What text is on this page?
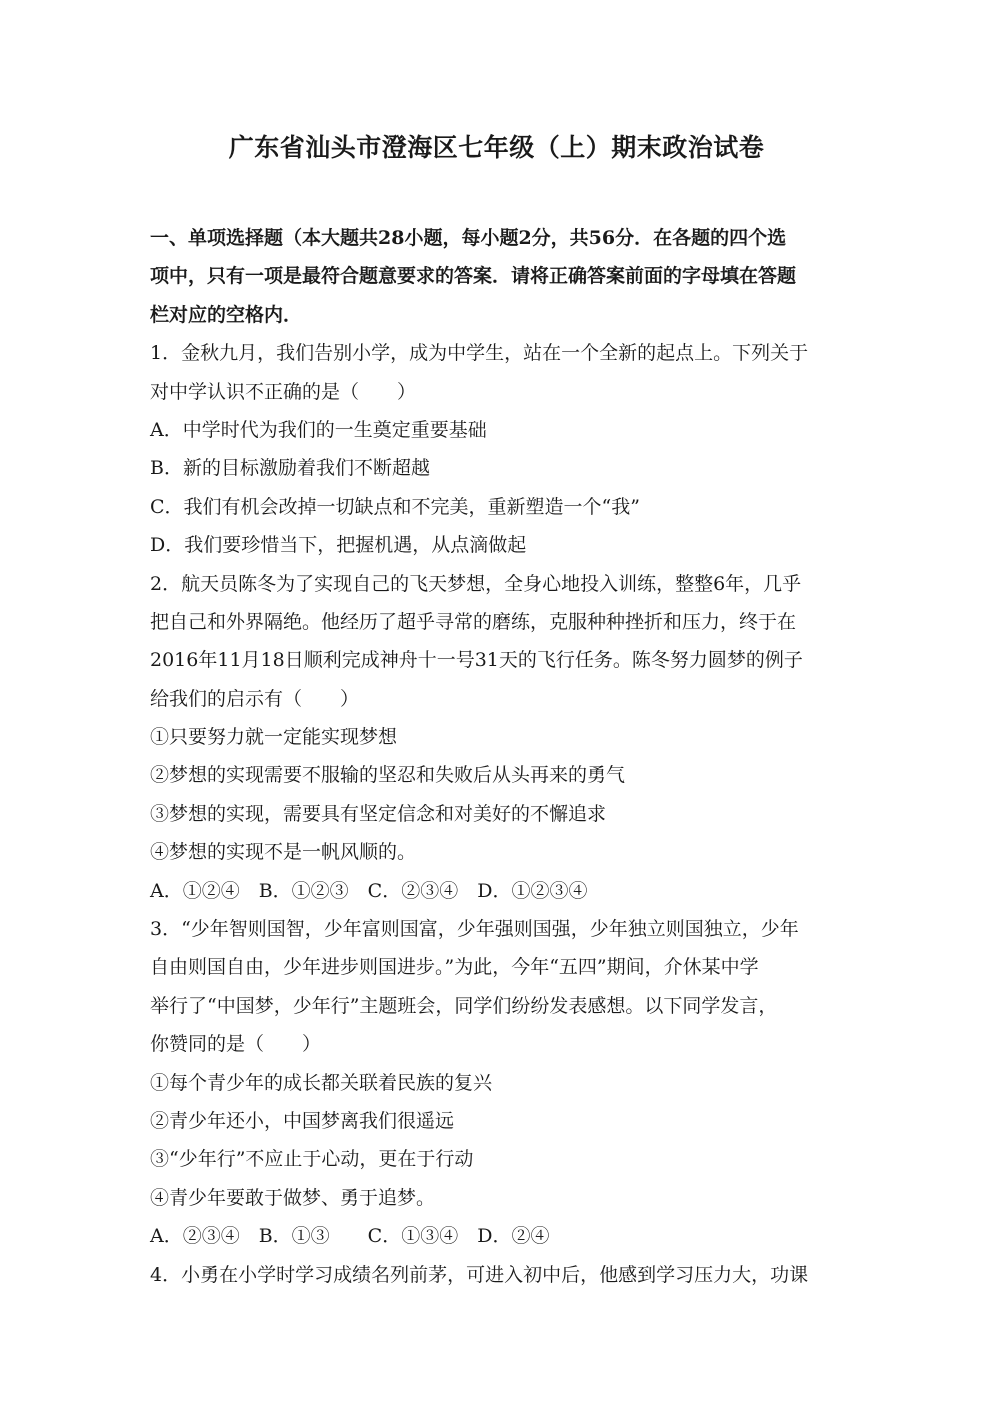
广东省汕头市澄海区七年级（上）期末政治试卷
一、单项选择题（本大题共28小题，每小题2分，共56分．在各题的四个选
项中，只有一项是最符合题意要求的答案．请将正确答案前面的字母填在答题
栏对应的空格内．
1．金秋九月，我们告别小学，成为中学生，站在一个全新的起点上。下列关于
对中学认识不正确的是（　　）
A．中学时代为我们的一生奠定重要基础
B．新的目标激励着我们不断超越
C．我们有机会改掉一切缺点和不完美，重新塑造一个“我”
D．我们要珍惜当下，把握机遇，从点滴做起
2．航天员陈冬为了实现自己的飞天梦想，全身心地投入训练，整整6年，几乎
把自己和外界隔绝。他经历了超乎寻常的磨练，克服种种挫折和压力，终于在
2016年11月18日顺利完成神舟十一号31天的飞行任务。陈冬努力圆梦的例子
给我们的启示有（　　）
①只要努力就一定能实现梦想
②梦想的实现需要不服输的坚忍和失败后从头再来的勇气
③梦想的实现，需要具有坚定信念和对美好的不懈追求
④梦想的实现不是一帆风顺的。
A．①②④　B．①②③　C．②③④　D．①②③④
3．“少年智则国智，少年富则国富，少年强则国强，少年独立则国独立，少年
自由则国自由，少年进步则国进步。”为此，今年“五四”期间，介休某中学
举行了“中国梦，少年行”主题班会，同学们纷纷发表感想。以下同学发言，
你赞同的是（　　）
①每个青少年的成长都关联着民族的复兴
②青少年还小，中国梦离我们很遥远
③“少年行”不应止于心动，更在于行动
④青少年要敢于做梦、勇于追梦。
A．②③④　B．①③　　C．①③④　D．②④
4．小勇在小学时学习成绩名列前茅，可进入初中后，他感到学习压力大，功课
